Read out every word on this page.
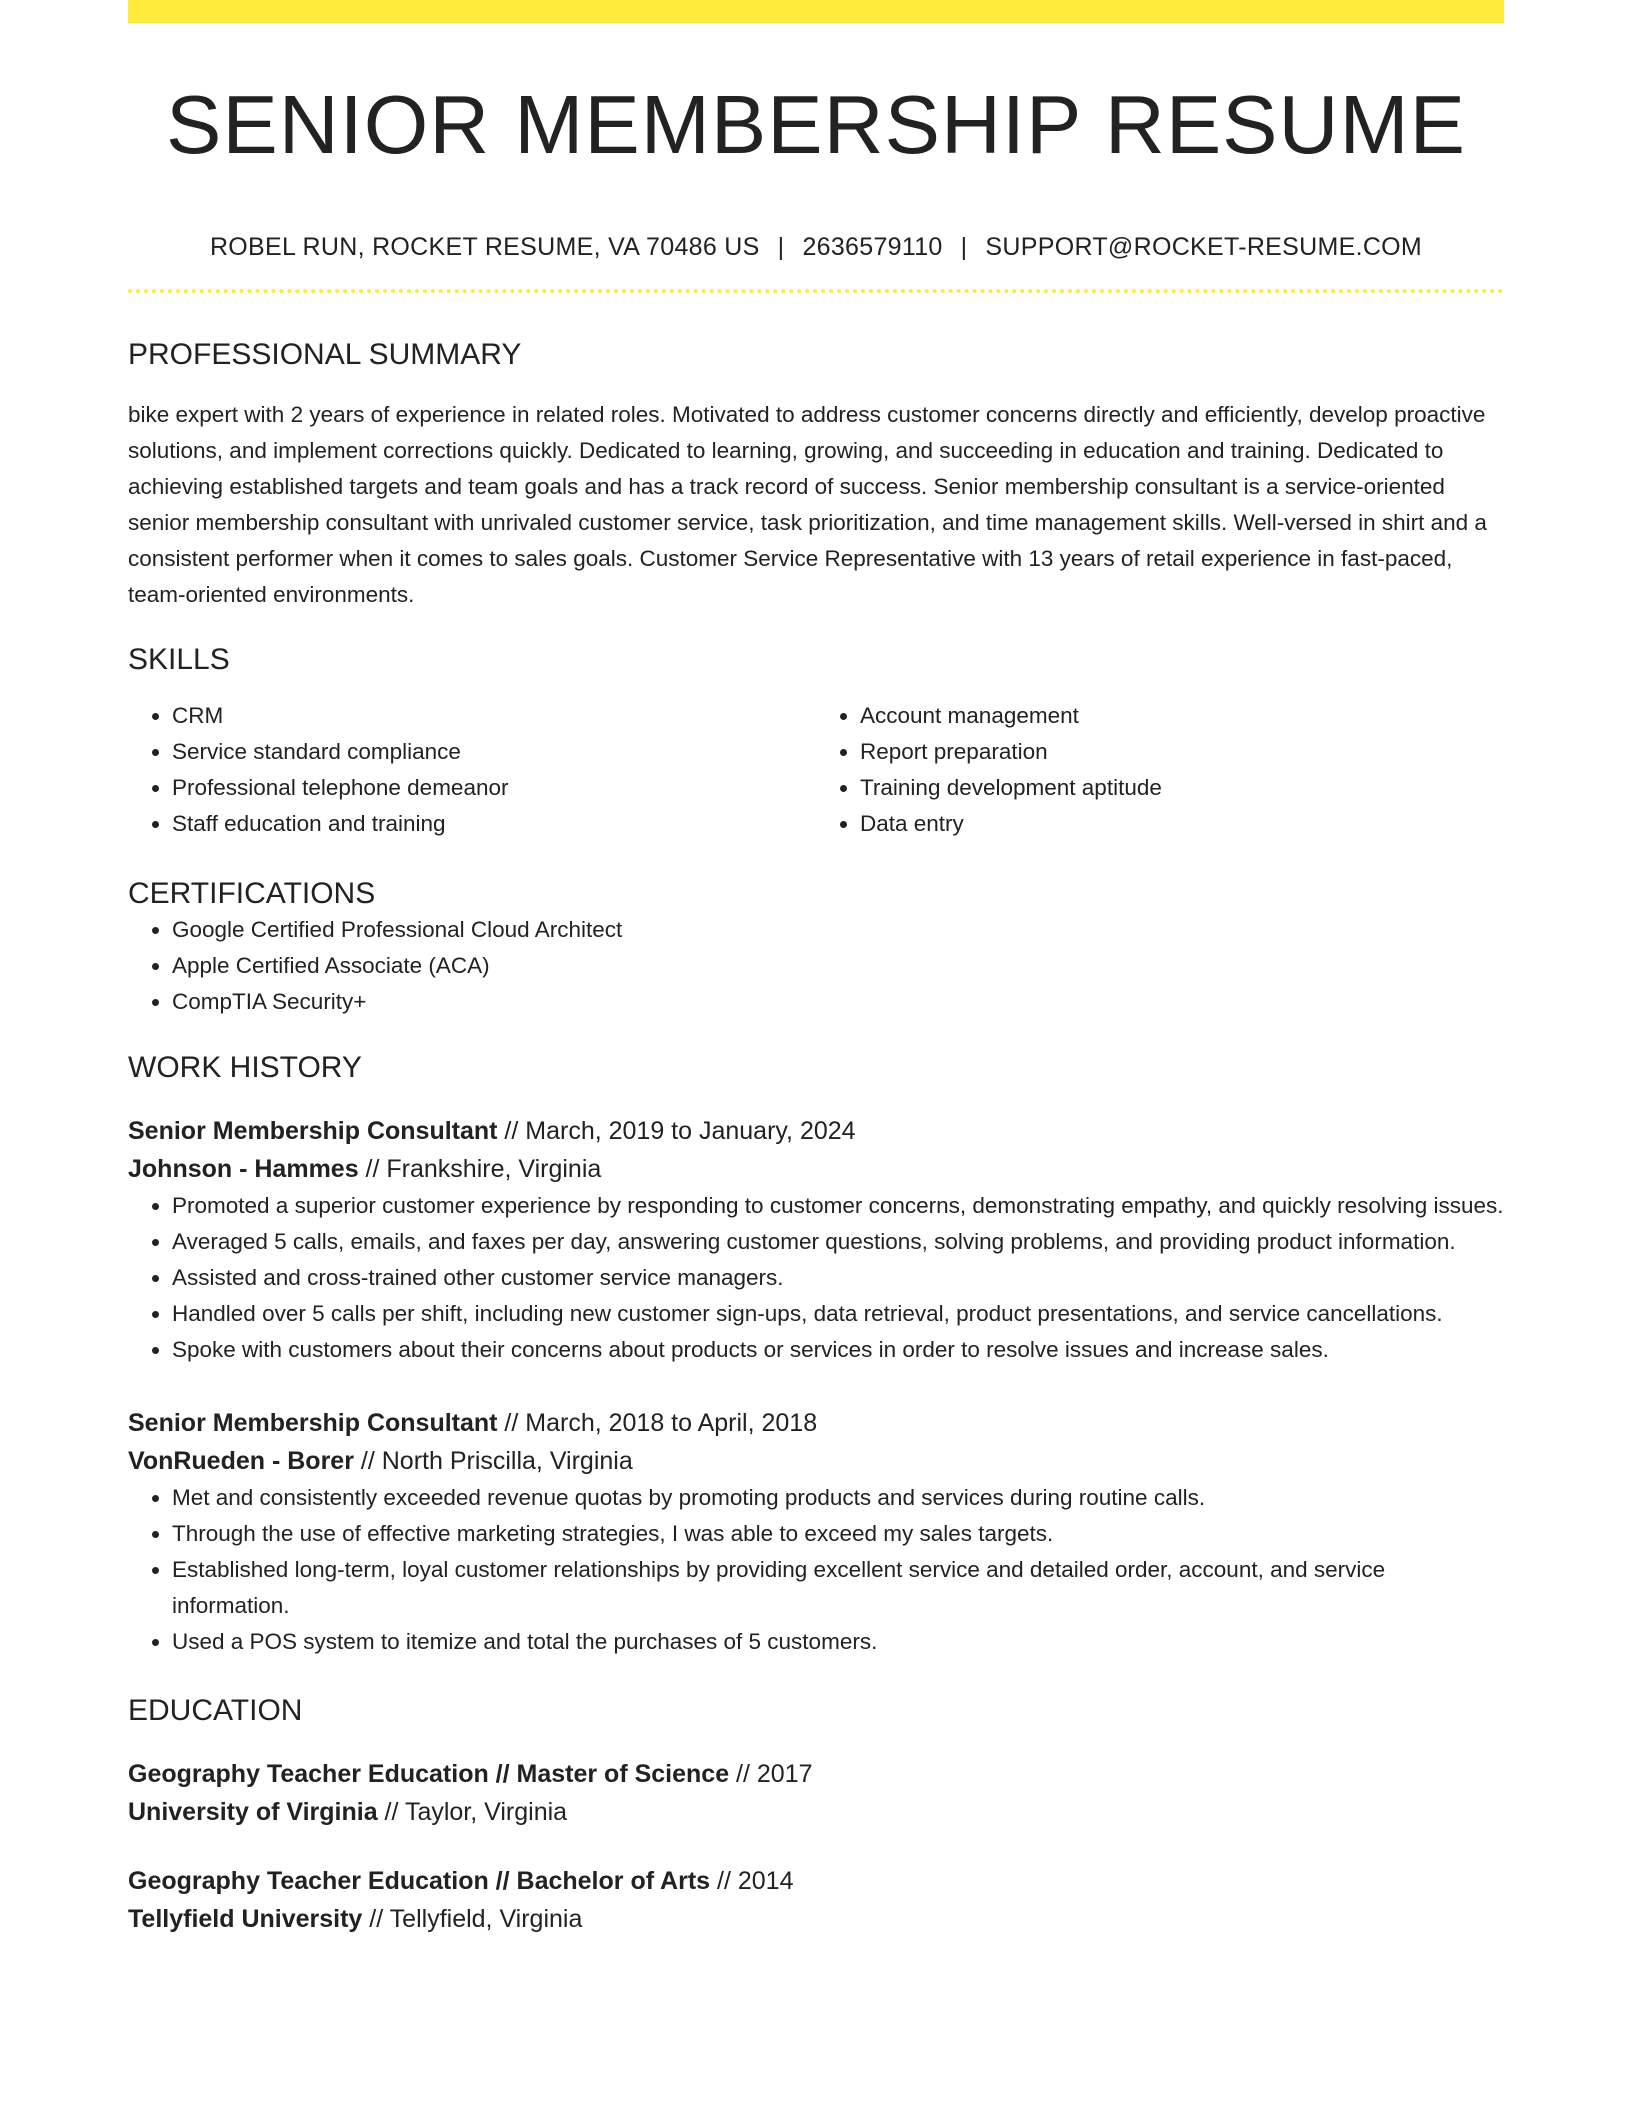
SENIOR MEMBERSHIP RESUME
ROBEL RUN, ROCKET RESUME, VA 70486 US | 2636579110 | SUPPORT@ROCKET-RESUME.COM
PROFESSIONAL SUMMARY

bike expert with 2 years of experience in related roles. Motivated to address customer concerns directly and efficiently, develop proactive solutions, and implement corrections quickly. Dedicated to learning, growing, and succeeding in education and training. Dedicated to achieving established targets and team goals and has a track record of success. Senior membership consultant is a service-oriented senior membership consultant with unrivaled customer service, task prioritization, and time management skills. Well-versed in shirt and a consistent performer when it comes to sales goals. Customer Service Representative with 13 years of retail experience in fast-paced, team-oriented environments.

SKILLS
• CRM
• Service standard compliance
• Professional telephone demeanor
• Staff education and training
• Account management
• Report preparation
• Training development aptitude
• Data entry
CERTIFICATIONS
• Google Certified Professional Cloud Architect
• Apple Certified Associate (ACA)
• CompTIA Security+
WORK HISTORY
Senior Membership Consultant // March, 2019 to January, 2024
Johnson - Hammes // Frankshire, Virginia
• Promoted a superior customer experience by responding to customer concerns, demonstrating empathy, and quickly resolving issues.
• Averaged 5 calls, emails, and faxes per day, answering customer questions, solving problems, and providing product information.
• Assisted and cross-trained other customer service managers.
• Handled over 5 calls per shift, including new customer sign-ups, data retrieval, product presentations, and service cancellations.
• Spoke with customers about their concerns about products or services in order to resolve issues and increase sales.
Senior Membership Consultant // March, 2018 to April, 2018
VonRueden - Borer // North Priscilla, Virginia
• Met and consistently exceeded revenue quotas by promoting products and services during routine calls.
• Through the use of effective marketing strategies, I was able to exceed my sales targets.
• Established long-term, loyal customer relationships by providing excellent service and detailed order, account, and service information.
• Used a POS system to itemize and total the purchases of 5 customers.
EDUCATION
Geography Teacher Education // Master of Science // 2017
University of Virginia // Taylor, Virginia
Geography Teacher Education // Bachelor of Arts // 2014
Tellyfield University // Tellyfield, Virginia
